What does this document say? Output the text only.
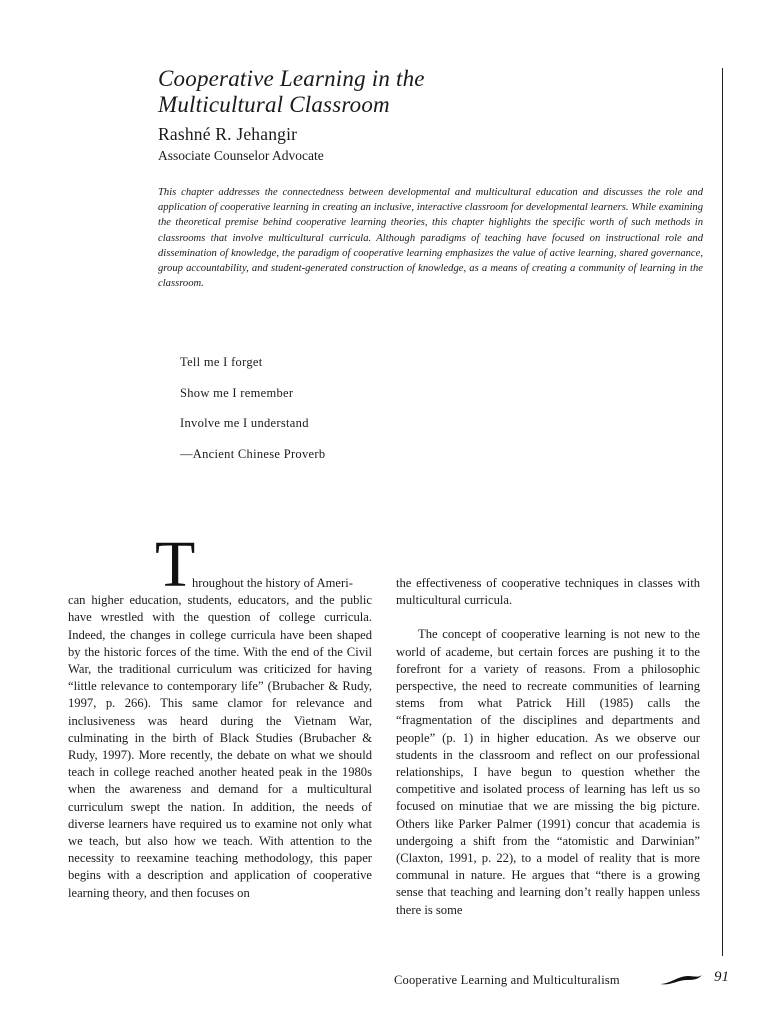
Cooperative Learning in the
Multicultural Classroom
Rashné R. Jehangir
Associate Counselor Advocate
This chapter addresses the connectedness between developmental and multicultural education and discusses the role and application of cooperative learning in creating an inclusive, interactive classroom for developmental learners. While examining the theoretical premise behind cooperative learning theories, this chapter highlights the specific worth of such methods in classrooms that involve multicultural curricula. Although paradigms of teaching have focused on instructional role and dissemination of knowledge, the paradigm of cooperative learning emphasizes the value of active learning, shared governance, group accountability, and student-generated construction of knowledge, as a means of creating a community of learning in the classroom.
Tell me I forget
Show me I remember
Involve me I understand
—Ancient Chinese Proverb
T

hroughout the history of Ameri-
can higher education, students, educators, and the public have wrestled with the question of college curricula. Indeed, the changes in college curricula have been shaped by the historic forces of the time. With the end of the Civil War, the traditional curriculum was criticized for having “little relevance to contemporary life” (Brubacher & Rudy, 1997, p. 266). This same clamor for relevance and inclusiveness was heard during the Vietnam War, culminating in the birth of Black Studies (Brubacher & Rudy, 1997). More recently, the debate on what we should teach in college reached another heated peak in the 1980s when the awareness and demand for a multicultural curriculum swept the nation. In addition, the needs of diverse learners have required us to examine not only what we teach, but also how we teach. With attention to the necessity to reexamine teaching methodology, this paper begins with a description and application of cooperative learning theory, and then focuses on

the effectiveness of cooperative techniques in classes with multicultural curricula.

The concept of cooperative learning is not new to the world of academe, but certain forces are pushing it to the forefront for a variety of reasons. From a philosophic perspective, the need to recreate communities of learning stems from what Patrick Hill (1985) calls the “fragmentation of the disciplines and departments and people” (p. 1) in higher education. As we observe our students in the classroom and reflect on our professional relationships, I have begun to question whether the competitive and isolated process of learning has left us so focused on minutiae that we are missing the big picture. Others like Parker Palmer (1991) concur that academia is undergoing a shift from the “atomistic and Darwinian” (Claxton, 1991, p. 22), to a model of reality that is more communal in nature. He argues that “there is a growing sense that teaching and learning don’t really happen unless there is some

Cooperative Learning and Multiculturalism	91
